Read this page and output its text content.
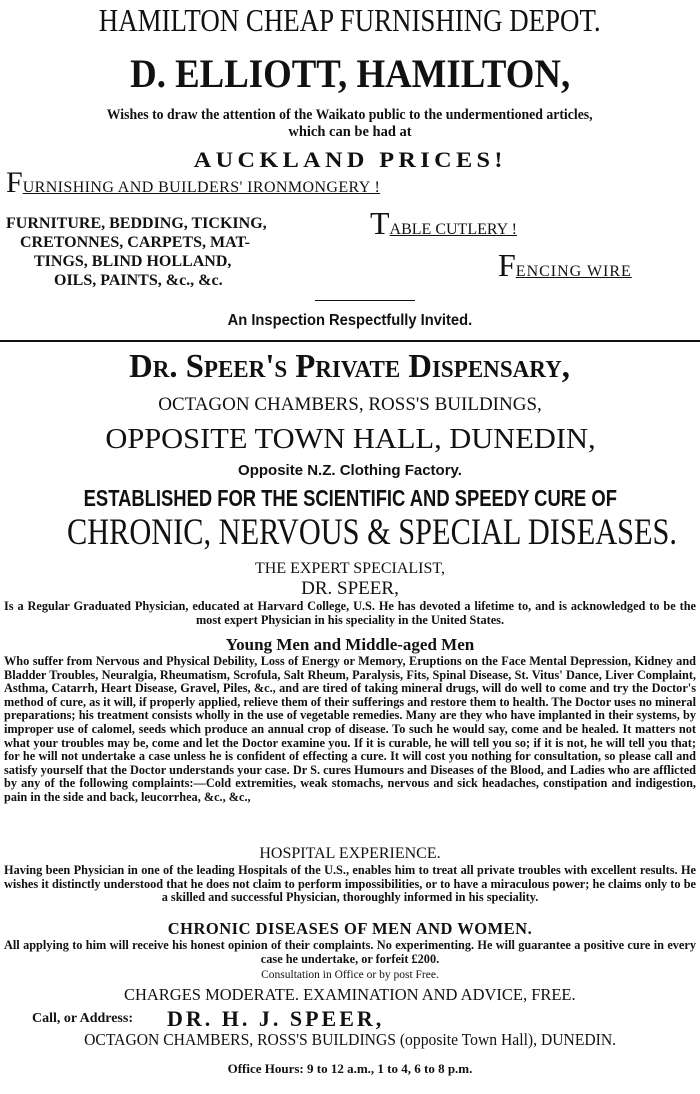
HAMILTON CHEAP FURNISHING DEPOT.
D. ELLIOTT, HAMILTON,
Wishes to draw the attention of the Waikato public to the undermentioned articles,
which can be had at
AUCKLAND PRICES!
FURNISHING AND BUILDERS' IRONMONGERY !
FURNITURE, BEDDING, TICKING,
CRETONNES, CARPETS, MAT-
TINGS, BLIND HOLLAND,
OILS, PAINTS, &c., &c.
TABLE CUTLERY !
FENCING WIRE
An Inspection Respectfully Invited.
Dr. Speer's Private Dispensary,
OCTAGON CHAMBERS, ROSS'S BUILDINGS,
OPPOSITE TOWN HALL, DUNEDIN,
Opposite N.Z. Clothing Factory.
ESTABLISHED FOR THE SCIENTIFIC AND SPEEDY CURE OF
CHRONIC, NERVOUS & SPECIAL DISEASES.
THE EXPERT SPECIALIST,
DR. SPEER,
Is a Regular Graduated Physician, educated at Harvard College, U.S. He has devoted a lifetime to, and is acknowledged to be the most expert Physician in his speciality in the United States.
Young Men and Middle-aged Men
Who suffer from Nervous and Physical Debility, Loss of Energy or Memory, Eruptions on the Face Mental Depression, Kidney and Bladder Troubles, Neuralgia, Rheumatism, Scrofula, Salt Rheum, Paralysis, Fits, Spinal Disease, St. Vitus' Dance, Liver Complaint, Asthma, Catarrh, Heart Disease, Gravel, Piles, &c., and are tired of taking mineral drugs, will do well to come and try the Doctor's method of cure, as it will, if properly applied, relieve them of their sufferings and restore them to health. The Doctor uses no mineral preparations; his treatment consists wholly in the use of vegetable remedies. Many are they who have implanted in their systems, by improper use of calomel, seeds which produce an annual crop of disease. To such he would say, come and be healed. It matters not what your troubles may be, come and let the Doctor examine you. If it is curable, he will tell you so; if it is not, he will tell you that; for he will not undertake a case unless he is confident of effecting a cure. It will cost you nothing for consultation, so please call and satisfy yourself that the Doctor understands your case. Dr S. cures Humours and Diseases of the Blood, and Ladies who are afflicted by any of the following complaints:—Cold extremities, weak stomachs, nervous and sick headaches, constipation and indigestion, pain in the side and back, leucorrhea, &c., &c.,
HOSPITAL EXPERIENCE.
Having been Physician in one of the leading Hospitals of the U.S., enables him to treat all private troubles with excellent results. He wishes it distinctly understood that he does not claim to perform impossibilities, or to have a miraculous power; he claims only to be a skilled and successful Physician, thoroughly informed in his speciality.
CHRONIC DISEASES OF MEN AND WOMEN.
All applying to him will receive his honest opinion of their complaints. No experimenting. He will guarantee a positive cure in every case he undertake, or forfeit £200.
Consultation in Office or by post Free.
CHARGES MODERATE. EXAMINATION AND ADVICE, FREE.
Call, or Address: DR. H. J. SPEER,
OCTAGON CHAMBERS, ROSS'S BUILDINGS (opposite Town Hall), DUNEDIN.
Office Hours: 9 to 12 a.m., 1 to 4, 6 to 8 p.m.
